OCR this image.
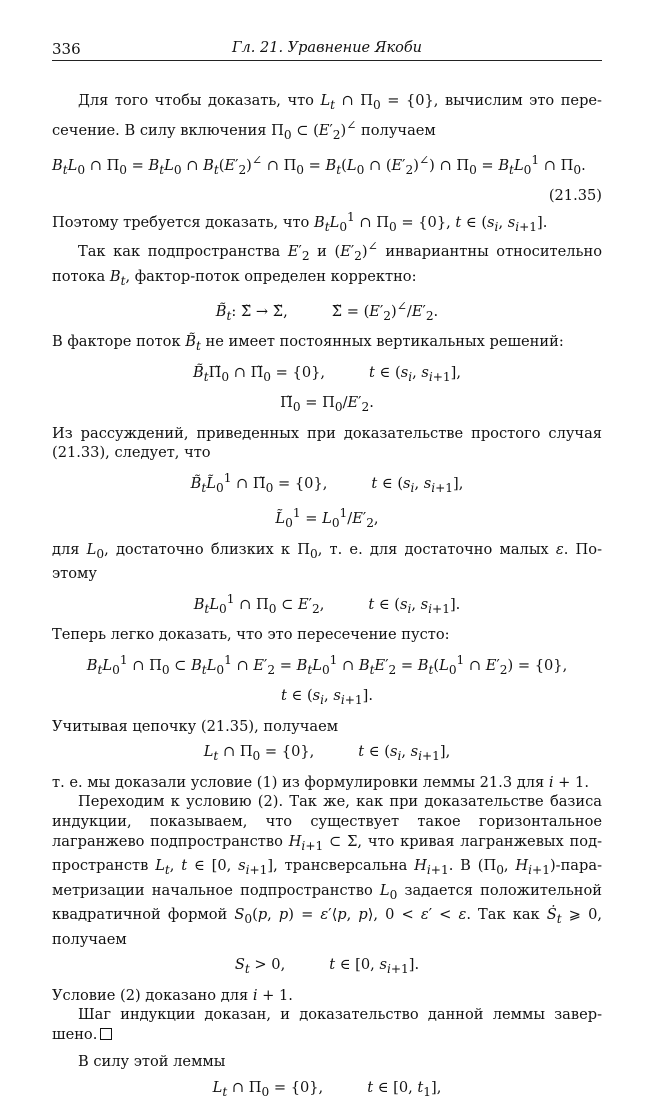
336	Гл. 21. Уравнение Якоби

Для того чтобы доказать, что $L_t$ ∩ $\Pi_0 = \{0\}$, вычислим это пересечение. В силу включения $\Pi_0$ ⊂ $(E'_2)^\angle$ получаем

$B_tL_0$ ∩ $\Pi_0 = B_tL_0$ ∩ $B_t(E'_2)^\angle$ ∩ $\Pi_0 = B_t(L_0$ ∩ $(E'_2)^\angle$) ∩ $\Pi_0 = B_tL_0^1$ ∩ $\Pi_0$.
(21.35)

Поэтому требуется доказать, что $B_tL_0^1$ ∩ $\Pi_0 = \{0\}$, t ∈ ($s_i$, $s_{i+1}$].

Так как подпространства $E'_2$ и $(E'_2)^\angle$ инвариантны относительно потока $B_t$, фактор-поток определен корректно:

$B̃_t$: Σ̃ → Σ̃,	Σ̃ = $(E'_2)^\angle/E'_2$.

В факторе поток $B̃_t$ не имеет постоянных вертикальных решений:

$B̃_t\Pĩ_0$ ∩ $\Pĩ_0 = \{0\}$,	t ∈ ($s_i$, $s_{i+1}$],
$\Pĩ_0 = \Pi_0/E'_2$.

Из рассуждений, приведенных при доказательстве простого случая (21.33), следует, что

$B̃_tL̃_0^1$ ∩ $\Pĩ_0 = \{0\}$,	t ∈ ($s_i$, $s_{i+1}$],
$L̃_0^1 = L_0^1/E'_2$,

для $L_0$, достаточно близких к $\Pi_0$, т. е. для достаточно малых ε. Поэтому

$B_tL_0^1$ ∩ $\Pi_0$ ⊂ $E'_2$,	t ∈ ($s_i$, $s_{i+1}$].

Теперь легко доказать, что это пересечение пусто:

$B_tL_0^1$ ∩ $\Pi_0$ ⊂ $B_tL_0^1$ ∩ $E'_2 = B_tL_0^1$ ∩ $B_tE'_2 = B_t(L_0^1$ ∩ $E'_2) = \{0\}$,
t ∈ ($s_i$, $s_{i+1}$].

Учитывая цепочку (21.35), получаем

$L_t$ ∩ $\Pi_0 = \{0\}$,	t ∈ ($s_i$, $s_{i+1}$],

т. е. мы доказали условие (1) из формулировки леммы 21.3 для i + 1.

Переходим к условию (2). Так же, как при доказательстве базиса индукции, показываем, что существует такое горизонтальное лагранжево подпространство $H_{i+1}$ ⊂ Σ, что кривая лагранжевых подпространств $L_t$, t ∈ [0, $s_{i+1}$], трансверсальна $H_{i+1}$. В ($\Pi_0$, $H_{i+1}$)-параметризации начальное подпространство $L_0$ задается положительной квадратичной формой $S_0(p$, p) = ε′⟨p, p⟩, 0 < ε′ < ε. Так как Ṡ$_t$ ⩾ 0, получаем

$S_t > 0$,	t ∈ [0, $s_{i+1}$].

Условие (2) доказано для i + 1.

Шаг индукции доказан, и доказательство данной леммы завершено.

В силу этой леммы

$L_t$ ∩ $\Pi_0 = \{0\}$,	t ∈ [0, $t_1$],
